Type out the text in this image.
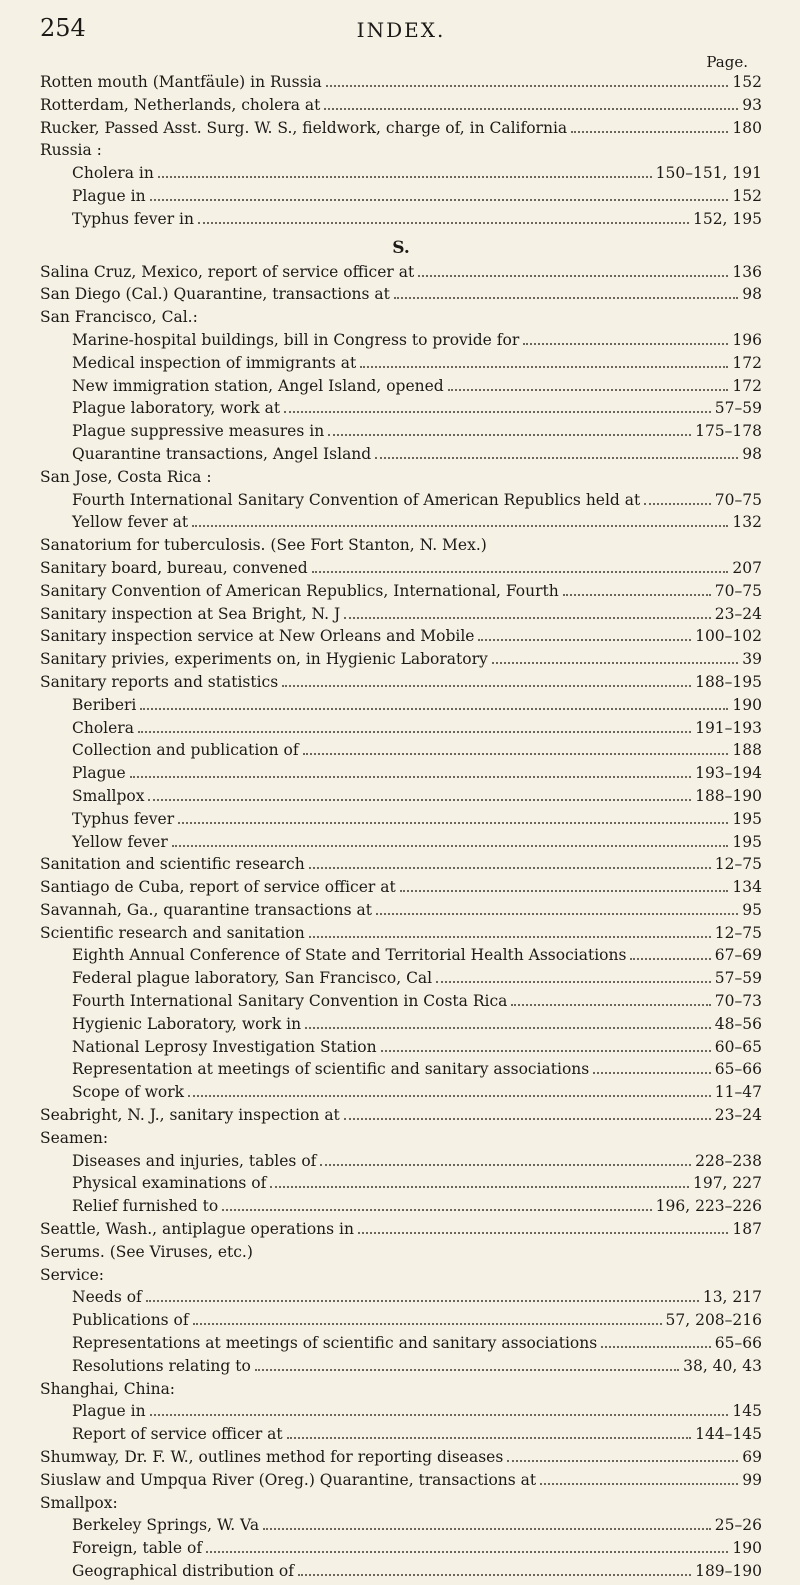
254	INDEX.
Page.
Rotten mouth (Mantfäule) in Russia	152
Rotterdam, Netherlands, cholera at	93
Rucker, Passed Asst. Surg. W. S., fieldwork, charge of, in California	180
Russia :
Cholera in	150–151, 191
Plague in	152
Typhus fever in	152, 195
S.
Salina Cruz, Mexico, report of service officer at	136
San Diego (Cal.) Quarantine, transactions at	98
San Francisco, Cal.:
Marine-hospital buildings, bill in Congress to provide for	196
Medical inspection of immigrants at	172
New immigration station, Angel Island, opened	172
Plague laboratory, work at	57–59
Plague suppressive measures in	175–178
Quarantine transactions, Angel Island	98
San Jose, Costa Rica :
Fourth International Sanitary Convention of American Republics held at	70–75
Yellow fever at	132
Sanatorium for tuberculosis. (See Fort Stanton, N. Mex.)
Sanitary board, bureau, convened	207
Sanitary Convention of American Republics, International, Fourth	70–75
Sanitary inspection at Sea Bright, N. J	23–24
Sanitary inspection service at New Orleans and Mobile	100–102
Sanitary privies, experiments on, in Hygienic Laboratory	39
Sanitary reports and statistics	188–195
Beriberi	190
Cholera	191–193
Collection and publication of	188
Plague	193–194
Smallpox	188–190
Typhus fever	195
Yellow fever	195
Sanitation and scientific research	12–75
Santiago de Cuba, report of service officer at	134
Savannah, Ga., quarantine transactions at	95
Scientific research and sanitation	12–75
Eighth Annual Conference of State and Territorial Health Associations	67–69
Federal plague laboratory, San Francisco, Cal	57–59
Fourth International Sanitary Convention in Costa Rica	70–73
Hygienic Laboratory, work in	48–56
National Leprosy Investigation Station	60–65
Representation at meetings of scientific and sanitary associations	65–66
Scope of work	11–47
Seabright, N. J., sanitary inspection at	23–24
Seamen:
Diseases and injuries, tables of	228–238
Physical examinations of	197, 227
Relief furnished to	196, 223–226
Seattle, Wash., antiplague operations in	187
Serums. (See Viruses, etc.)
Service:
Needs of	13, 217
Publications of	57, 208–216
Representations at meetings of scientific and sanitary associations	65–66
Resolutions relating to	38, 40, 43
Shanghai, China:
Plague in	145
Report of service officer at	144–145
Shumway, Dr. F. W., outlines method for reporting diseases	69
Siuslaw and Umpqua River (Oreg.) Quarantine, transactions at	99
Smallpox:
Berkeley Springs, W. Va	25–26
Foreign, table of	190
Geographical distribution of	189–190
